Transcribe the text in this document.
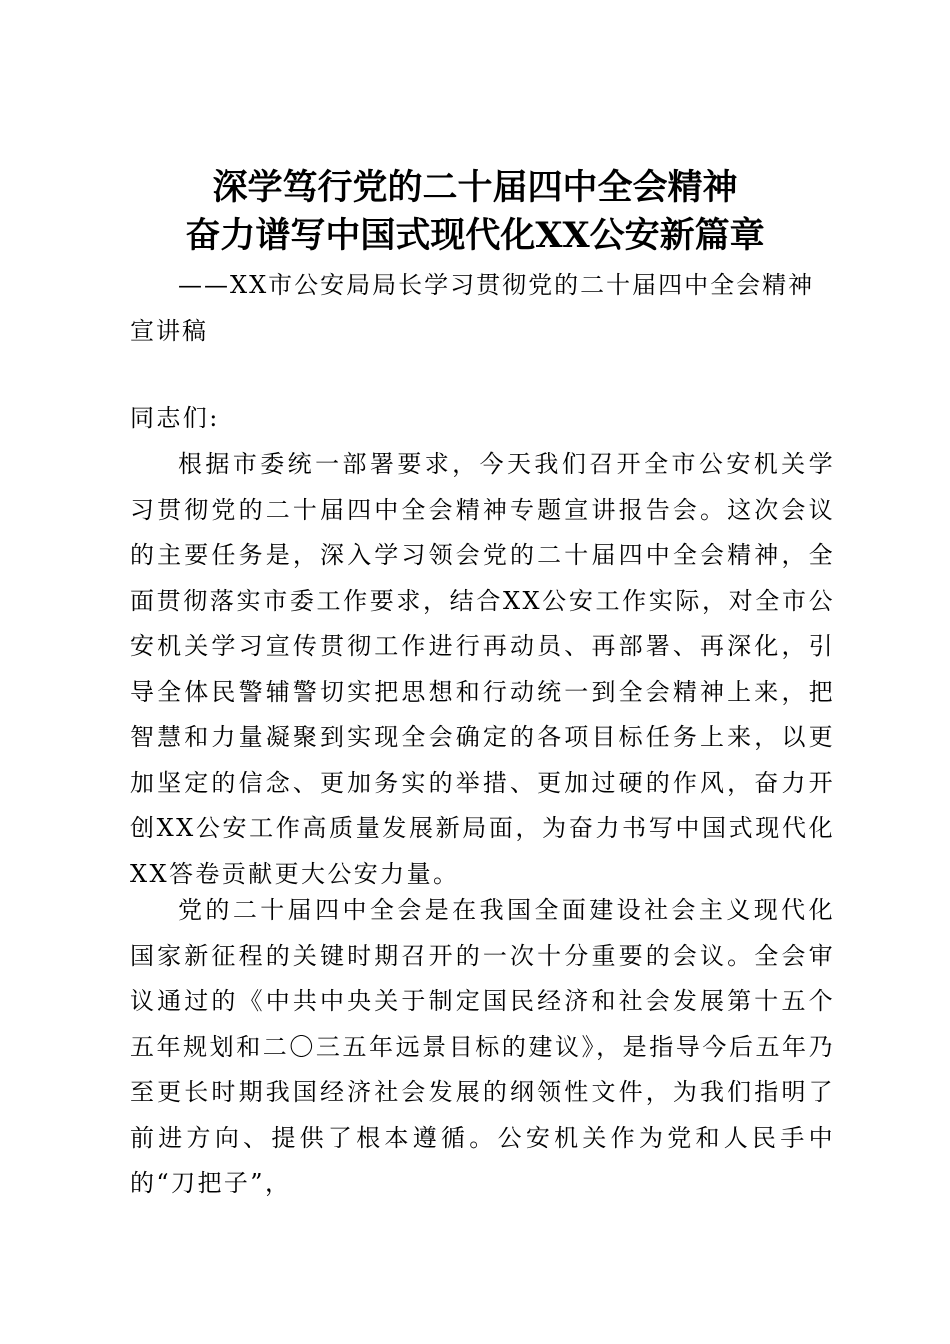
深学笃行党的二十届四中全会精神
奋力谱写中国式现代化XX公安新篇章
——XX市公安局局长学习贯彻党的二十届四中全会精神宣讲稿
同志们:
根据市委统一部署要求，今天我们召开全市公安机关学习贯彻党的二十届四中全会精神专题宣讲报告会。这次会议的主要任务是，深入学习领会党的二十届四中全会精神，全面贯彻落实市委工作要求，结合XX公安工作实际，对全市公安机关学习宣传贯彻工作进行再动员、再部署、再深化，引导全体民警辅警切实把思想和行动统一到全会精神上来，把智慧和力量凝聚到实现全会确定的各项目标任务上来，以更加坚定的信念、更加务实的举措、更加过硬的作风，奋力开创XX公安工作高质量发展新局面，为奋力书写中国式现代化XX答卷贡献更大公安力量。
党的二十届四中全会是在我国全面建设社会主义现代化国家新征程的关键时期召开的一次十分重要的会议。全会审议通过的《中共中央关于制定国民经济和社会发展第十五个五年规划和二〇三五年远景目标的建议》，是指导今后五年乃至更长时期我国经济社会发展的纲领性文件，为我们指明了前进方向、提供了根本遵循。公安机关作为党和人民手中的“刀把子”，
